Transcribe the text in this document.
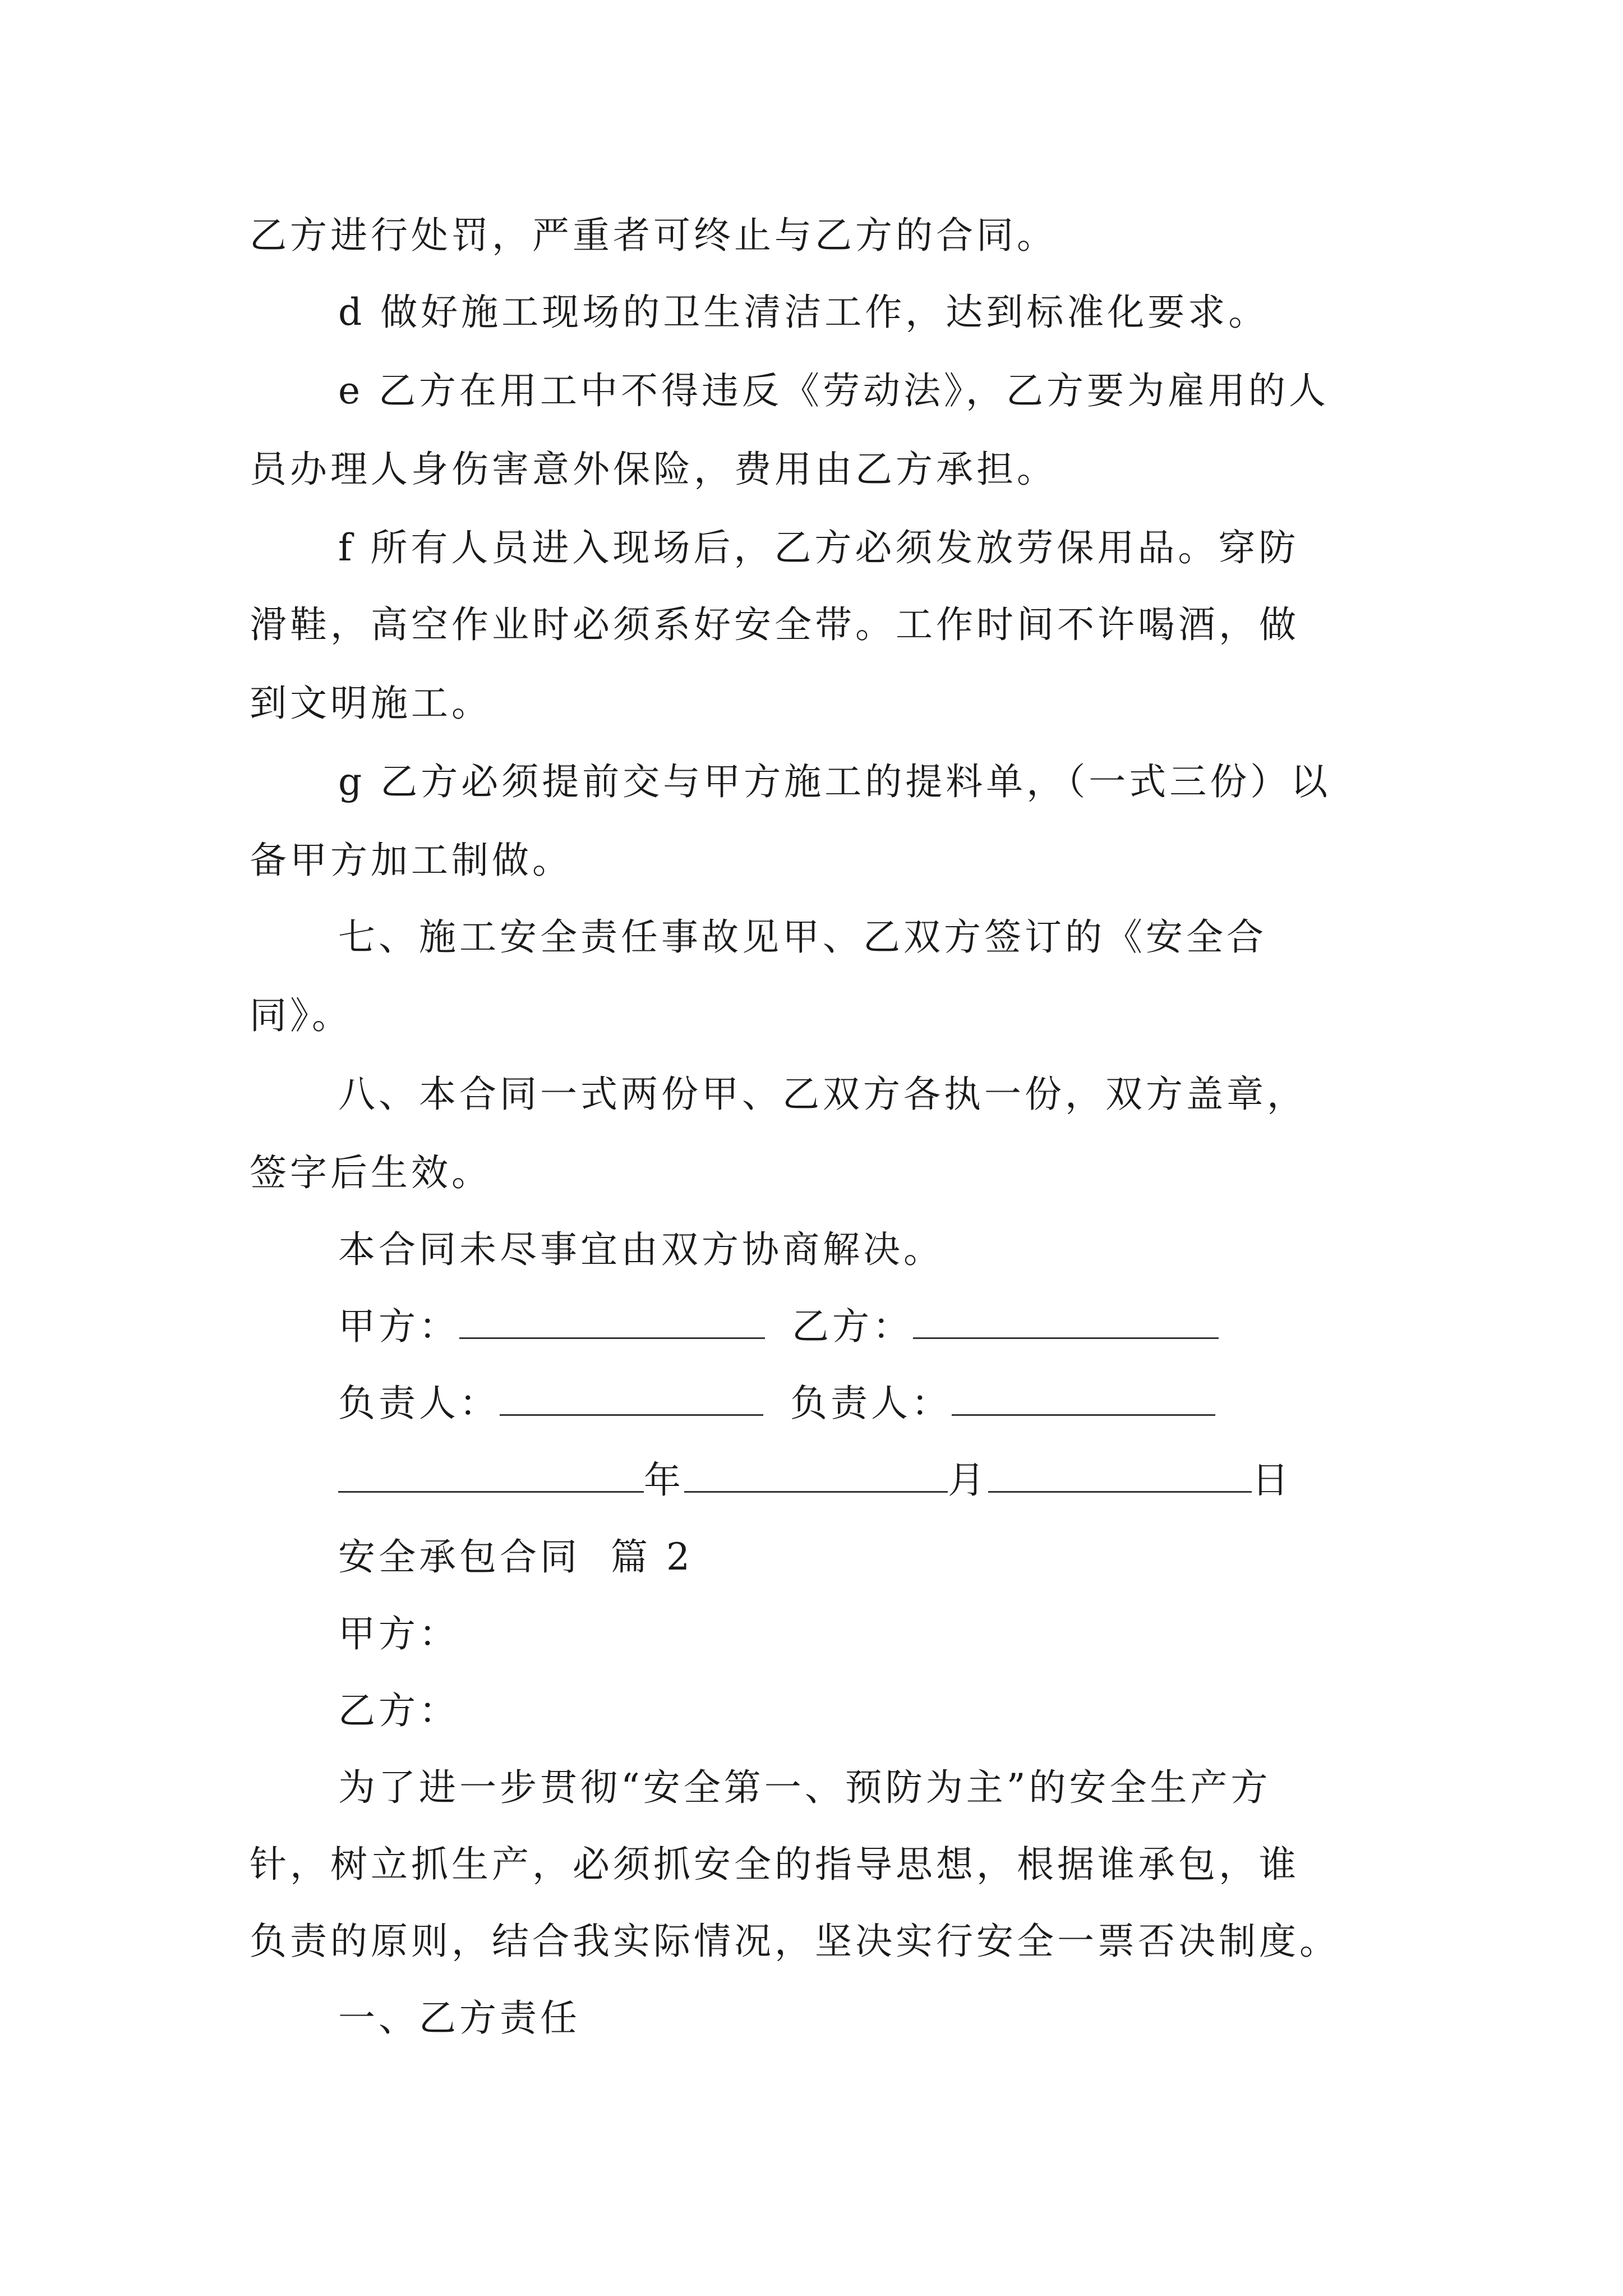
乙方进行处罚，严重者可终止与乙方的合同。
d 做好施工现场的卫生清洁工作，达到标准化要求。
e 乙方在用工中不得违反《劳动法》，乙方要为雇用的人
员办理人身伤害意外保险，费用由乙方承担。
f 所有人员进入现场后，乙方必须发放劳保用品。穿防
滑鞋，高空作业时必须系好安全带。工作时间不许喝酒，做
到文明施工。
g 乙方必须提前交与甲方施工的提料单，（一式三份）以
备甲方加工制做。
七、施工安全责任事故见甲、乙双方签订的《安全合
同》。
八、本合同一式两份甲、乙双方各执一份，双方盖章，
签字后生效。
本合同未尽事宜由双方协商解决。
甲方：	乙方：
负责人：	负责人：
年	月	日
安全承包合同  篇 2
甲方：
乙方：
为了进一步贯彻“安全第一、预防为主”的安全生产方
针，树立抓生产，必须抓安全的指导思想，根据谁承包，谁
负责的原则，结合我实际情况，坚决实行安全一票否决制度。
一、乙方责任
